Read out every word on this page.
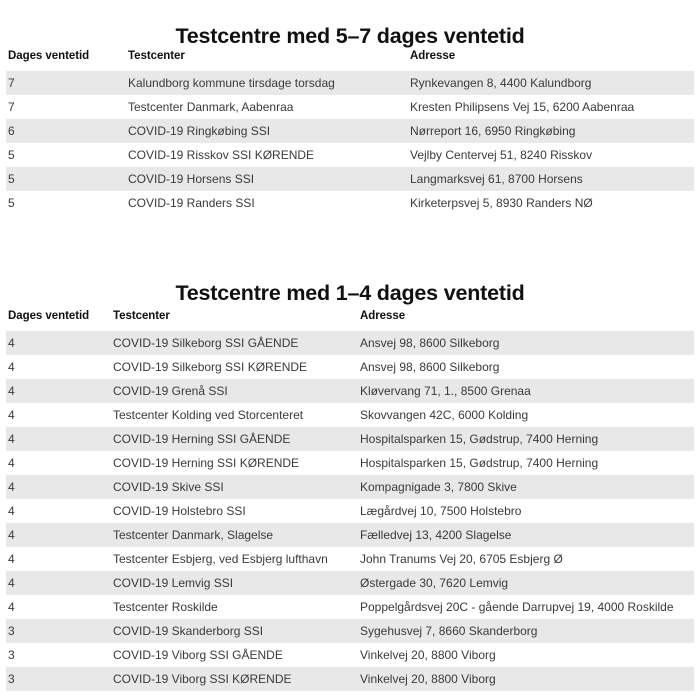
Testcentre med 5–7 dages ventetid
Dages ventetid	Testcenter	Adresse
7	Kalundborg kommune tirsdage torsdag	Rynkevangen 8, 4400 Kalundborg
7	Testcenter Danmark, Aabenraa	Kresten Philipsens Vej 15, 6200 Aabenraa
6	COVID-19 Ringkøbing SSI	Nørreport 16, 6950 Ringkøbing
5	COVID-19 Risskov SSI KØRENDE	Vejlby Centervej 51, 8240 Risskov
5	COVID-19 Horsens SSI	Langmarksvej 61, 8700 Horsens
5	COVID-19 Randers SSI	Kirketerpsvej 5, 8930 Randers NØ
Testcentre med 1–4 dages ventetid
Dages ventetid	Testcenter	Adresse
4	COVID-19 Silkeborg SSI GÅENDE	Ansvej 98, 8600 Silkeborg
4	COVID-19 Silkeborg SSI KØRENDE	Ansvej 98, 8600 Silkeborg
4	COVID-19 Grenå SSI	Kløvervang 71, 1., 8500 Grenaa
4	Testcenter Kolding ved Storcenteret	Skovvangen 42C, 6000 Kolding
4	COVID-19 Herning SSI GÅENDE	Hospitalsparken 15, Gødstrup, 7400 Herning
4	COVID-19 Herning SSI KØRENDE	Hospitalsparken 15, Gødstrup, 7400 Herning
4	COVID-19 Skive SSI	Kompagnigade 3, 7800 Skive
4	COVID-19 Holstebro SSI	Lægårdvej 10, 7500 Holstebro
4	Testcenter Danmark, Slagelse	Fælledvej 13, 4200 Slagelse
4	Testcenter Esbjerg, ved Esbjerg lufthavn	John Tranums Vej 20, 6705 Esbjerg Ø
4	COVID-19 Lemvig SSI	Østergade 30, 7620 Lemvig
4	Testcenter Roskilde	Poppelgårdsvej 20C - gående Darrupvej 19, 4000 Roskilde
3	COVID-19 Skanderborg SSI	Sygehusvej 7, 8660 Skanderborg
3	COVID-19 Viborg SSI GÅENDE	Vinkelvej 20, 8800 Viborg
3	COVID-19 Viborg SSI KØRENDE	Vinkelvej 20, 8800 Viborg
